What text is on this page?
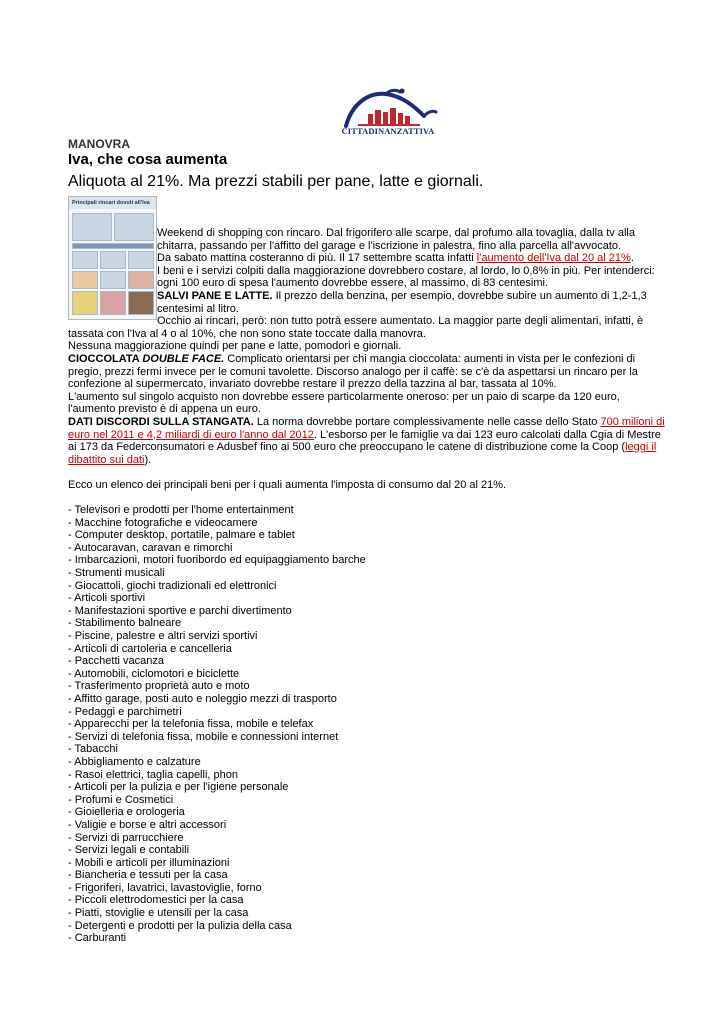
CITTADINANZATTIVA
MANOVRA
Iva, che cosa aumenta
Aliquota al 21%. Ma prezzi stabili per pane, latte e giornali.
Principali rincari dovuti all'Iva

Weekend di shopping con rincaro. Dal frigorifero alle scarpe, dal profumo alla tovaglia, dalla tv alla chitarra, passando per l'affitto del garage e l'iscrizione in palestra, fino alla parcella all'avvocato.

Da sabato mattina costeranno di più. Il 17 settembre scatta infatti l'aumento dell'Iva dal 20 al 21%.

I beni e i servizi colpiti dalla maggiorazione dovrebbero costare, al lordo, lo 0,8% in più. Per intenderci: ogni 100 euro di spesa l'aumento dovrebbe essere, al massimo, di 83 centesimi.

SALVI PANE E LATTE. Il prezzo della benzina, per esempio, dovrebbe subire un aumento di 1,2-1,3 centesimi al litro.

Occhio ai rincari, però: non tutto potrà essere aumentato. La maggior parte degli alimentari, infatti, è

tassata con l'Iva al 4 o al 10%, che non sono state toccate dalla manovra.

Nessuna maggiorazione quindi per pane e latte, pomodori e giornali.

CIOCCOLATA DOUBLE FACE. Complicato orientarsi per chi mangia cioccolata: aumenti in vista per le confezioni di pregio, prezzi fermi invece per le comuni tavolette. Discorso analogo per il caffè: se c'è da aspettarsi un rincaro per la confezione al supermercato, invariato dovrebbe restare il prezzo della tazzina al bar, tassata al 10%.

L'aumento sul singolo acquisto non dovrebbe essere particolarmente oneroso: per un paio di scarpe da 120 euro, l'aumento previsto è di appena un euro.

DATI DISCORDI SULLA STANGATA. La norma dovrebbe portare complessivamente nelle casse dello Stato 700 milioni di euro nel 2011 e 4,2 miliardi di euro l'anno dal 2012. L'esborso per le famiglie va dai 123 euro calcolati dalla Cgia di Mestre ai 173 da Federconsumatori e Adusbef fino ai 500 euro che preoccupano le catene di distribuzione come la Coop (leggi il dibattito sui dati).

Ecco un elenco dei principali beni per i quali aumenta l'imposta di consumo dal 20 al 21%.

- Televisori e prodotti per l'home entertainment
- Macchine fotografiche e videocamere
- Computer desktop, portatile, palmare e tablet
- Autocaravan, caravan e rimorchi
- Imbarcazioni, motori fuoribordo ed equipaggiamento barche
- Strumenti musicali
- Giocattoli, giochi tradizionali ed elettronici
- Articoli sportivi
- Manifestazioni sportive e parchi divertimento
- Stabilimento balneare
- Piscine, palestre e altri servizi sportivi
- Articoli di cartoleria e cancelleria
- Pacchetti vacanza
- Automobili, ciclomotori e biciclette
- Trasferimento proprietà auto e moto
- Affitto garage, posti auto e noleggio mezzi di trasporto
- Pedaggi e parchimetri
- Apparecchi per la telefonia fissa, mobile e telefax
- Servizi di telefonia fissa, mobile e connessioni internet
- Tabacchi
- Abbigliamento e calzature
- Rasoi elettrici, taglia capelli, phon
- Articoli per la pulizia e per l'igiene personale
- Profumi e Cosmetici
- Gioielleria e orologeria
- Valigie e borse e altri accessori
- Servizi di parrucchiere
- Servizi legali e contabili
- Mobili e articoli per illuminazioni
- Biancheria e tessuti per la casa
- Frigoriferi, lavatrici, lavastoviglie, forno
- Piccoli elettrodomestici per la casa
- Piatti, stoviglie e utensili per la casa
- Detergenti e prodotti per la pulizia della casa
- Carburanti
